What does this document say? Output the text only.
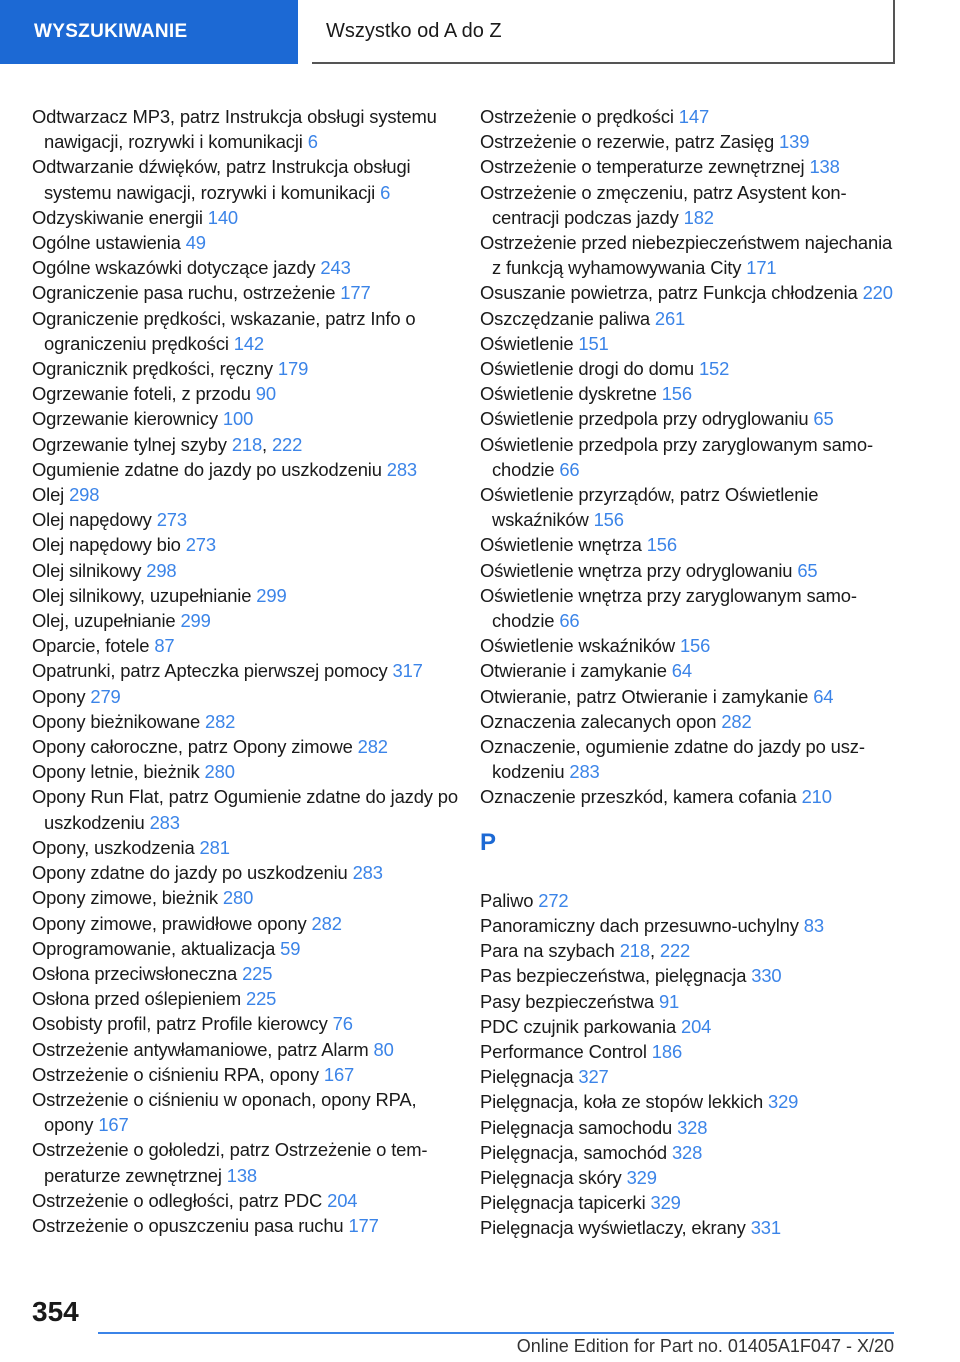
WYSZUKIWANIE	Wszystko od A do Z
Odtwarzacz MP3, patrz Instrukcja obsługi systemu nawigacji, rozrywki i komunikacji 6
Odtwarzanie dźwięków, patrz Instrukcja obsługi systemu nawigacji, rozrywki i komunikacji 6
Odzyskiwanie energii 140
Ogólne ustawienia 49
Ogólne wskazówki dotyczące jazdy 243
Ograniczenie pasa ruchu, ostrzeżenie 177
Ograniczenie prędkości, wskazanie, patrz Info o ograniczeniu prędkości 142
Ogranicznik prędkości, ręczny 179
Ogrzewanie foteli, z przodu 90
Ogrzewanie kierownicy 100
Ogrzewanie tylnej szyby 218, 222
Ogumienie zdatne do jazdy po uszkodzeniu 283
Olej 298
Olej napędowy 273
Olej napędowy bio 273
Olej silnikowy 298
Olej silnikowy, uzupełnianie 299
Olej, uzupełnianie 299
Oparcie, fotele 87
Opatrunki, patrz Apteczka pierwszej pomocy 317
Opony 279
Opony bieżnikowane 282
Opony całoroczne, patrz Opony zimowe 282
Opony letnie, bieżnik 280
Opony Run Flat, patrz Ogumienie zdatne do jazdy po uszkodzeniu 283
Opony, uszkodzenia 281
Opony zdatne do jazdy po uszkodzeniu 283
Opony zimowe, bieżnik 280
Opony zimowe, prawidłowe opony 282
Oprogramowanie, aktualizacja 59
Osłona przeciwsłoneczna 225
Osłona przed oślepieniem 225
Osobisty profil, patrz Profile kierowcy 76
Ostrzeżenie antywłamaniowe, patrz Alarm 80
Ostrzeżenie o ciśnieniu RPA, opony 167
Ostrzeżenie o ciśnieniu w oponach, opony RPA, opony 167
Ostrzeżenie o gołoledzi, patrz Ostrzeżenie o temperaturze zewnętrznej 138
Ostrzeżenie o odległości, patrz PDC 204
Ostrzeżenie o opuszczeniu pasa ruchu 177
Ostrzeżenie o prędkości 147
Ostrzeżenie o rezerwie, patrz Zasięg 139
Ostrzeżenie o temperaturze zewnętrznej 138
Ostrzeżenie o zmęczeniu, patrz Asystent koncentracji podczas jazdy 182
Ostrzeżenie przed niebezpieczeństwem najechania z funkcją wyhamowywania City 171
Osuszanie powietrza, patrz Funkcja chłodzenia 220
Oszczędzanie paliwa 261
Oświetlenie 151
Oświetlenie drogi do domu 152
Oświetlenie dyskretne 156
Oświetlenie przedpola przy odryglowaniu 65
Oświetlenie przedpola przy zaryglowanym samochodzie 66
Oświetlenie przyrządów, patrz Oświetlenie wskaźników 156
Oświetlenie wnętrza 156
Oświetlenie wnętrza przy odryglowaniu 65
Oświetlenie wnętrza przy zaryglowanym samochodzie 66
Oświetlenie wskaźników 156
Otwieranie i zamykanie 64
Otwieranie, patrz Otwieranie i zamykanie 64
Oznaczenia zalecanych opon 282
Oznaczenie, ogumienie zdatne do jazdy po uszkodzeniu 283
Oznaczenie przeszkód, kamera cofania 210
P
Paliwo 272
Panoramiczny dach przesuwno-uchylny 83
Para na szybach 218, 222
Pas bezpieczeństwa, pielęgnacja 330
Pasy bezpieczeństwa 91
PDC czujnik parkowania 204
Performance Control 186
Pielęgnacja 327
Pielęgnacja, koła ze stopów lekkich 329
Pielęgnacja samochodu 328
Pielęgnacja, samochód 328
Pielęgnacja skóry 329
Pielęgnacja tapicerki 329
Pielęgnacja wyświetlaczy, ekrany 331
354
Online Edition for Part no. 01405A1F047 - X/20
